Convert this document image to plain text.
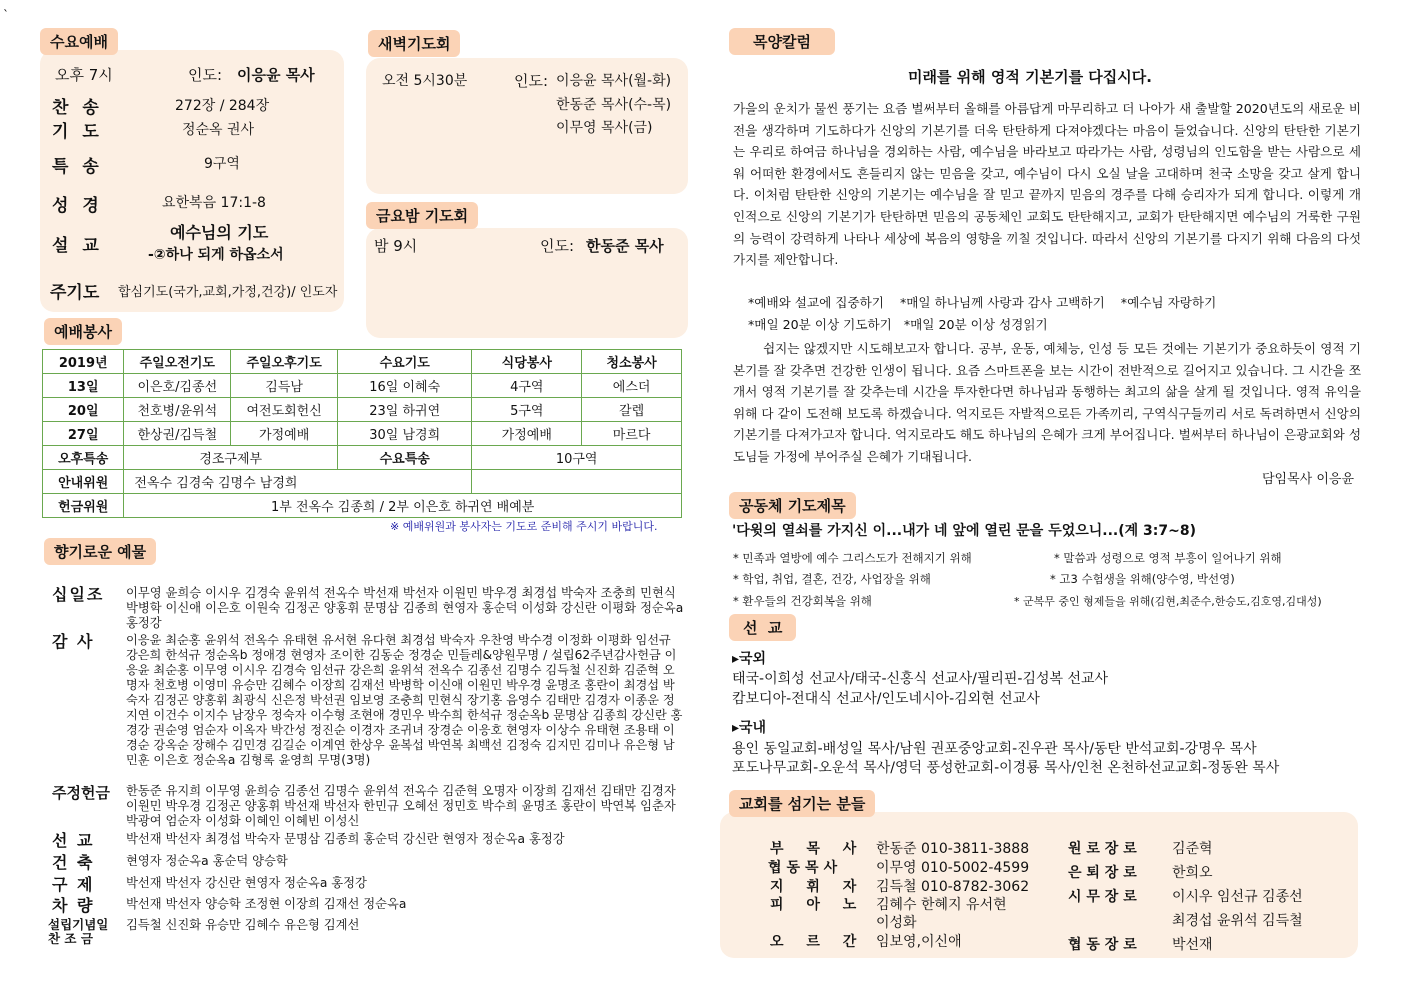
`
수요예배
오후 7시	인도: 이응윤 목사
찬 송	272장 / 284장
기 도	정순옥 권사
특 송	9구역
성 경	요한복음 17:1-8
설 교
예수님의 기도
-②하나 되게 하옵소서
주기도 합심기도(국가,교회,가정,건강)/ 인도자
새벽기도회
오전 5시30분	인도: 이응윤 목사(월-화)
한동준 목사(수-목)
이무영 목사(금)
금요밤 기도회
밤 9시	인도: 한동준 목사
예배봉사
2019년	주일오전기도	주일오후기도	수요기도	식당봉사	청소봉사
13일	이은호/김종선	김득남	16일 이혜숙	4구역	에스더
20일	천호병/윤위석	여전도회헌신	23일 하귀연	5구역	갈렙
27일	한상권/김득철	가정예배	30일 남경희	가정예배	마르다
오후특송	경조구제부		수요특송	10구역	
안내위원	전옥수 김경숙 김명수 남경희				
헌금위원	1부 전옥수 김종희 / 2부 이은호 하귀연 배예분				
※ 예배위원과 봉사자는 기도로 준비해 주시기 바랍니다.
향기로운 예물
십일조	이무영 윤희승 이시우 김경숙 윤위석 전옥수 박선재 박선자 이원민 박우경 최경섭 박숙자 조충희 민현식 박병학 이신애 이은호 이원숙 김정곤 양홍휘 문명삼 김종희 현영자 홍순덕 이성화 강신란 이평화 정순옥a 홍정강
감 사	이응윤 최순홍 윤위석 전옥수 유태현 유서현 유다현 최경섭 박숙자 우찬영 박수경 이정화 이평화 임선규 강은희 한석규 정순옥b 정애경 현영자 조이한 김동순 정경순 민들레&양원무명 / 설립62주년감사헌금 이응윤 최순홍 이무영 이시우 김경숙 임선규 강은희 윤위석 전옥수 김종선 김명수 김득철 신진화 김준혁 오명자 천호병 이영미 유승만 김혜수 이장희 김재선 박병학 이신애 이원민 박우경 윤명조 홍란이 최경섭 박숙자 김정곤 양홍휘 최광식 신은정 박선권 임보영 조충희 민현식 장기홍 음영수 김태만 김경자 이종운 정지연 이건수 이지수 남장우 정숙자 이수형 조현애 경민우 박수희 한석규 정순옥b 문명삼 김종희 강신란 홍경강 권순영 엄순자 이옥자 박간성 정진순 이경자 조귀녀 장경순 이응호 현영자 이상수 유태현 조용태 이경순 강옥순 장해수 김민경 김길순 이계연 한상우 윤복섭 박연복 최백선 김정숙 김지민 김미나 유은형 남민훈 이은호 정순옥a 김형록 윤영희 무명(3명)
주정헌금	한동준 유지희 이무영 윤희승 김종선 김명수 윤위석 전옥수 김준혁 오명자 이장희 김재선 김태만 김경자 이원민 박우경 김정곤 양홍휘 박선재 박선자 한민규 오혜선 정민호 박수희 윤명조 홍란이 박연복 임춘자 박광여 엄순자 이성화 이혜인 이혜빈 이성신
선 교	박선재 박선자 최경섭 박숙자 문명삼 김종희 홍순덕 강신란 현영자 정순옥a 홍정강
건 축	현영자 정순옥a 홍순덕 양승학
구 제	박선재 박선자 강신란 현영자 정순옥a 홍정강
차 량	박선재 박선자 양승학 조정현 이장희 김재선 정순옥a
설립기념일 찬 조 금
김득철 신진화 유승만 김혜수 유은형 김계선
목양칼럼
미래를 위해 영적 기본기를 다집시다.
가을의 운치가 물씬 풍기는 요즘 벌써부터 올해를 아름답게 마무리하고 더 나아가 새 출발할 2020년도의 새로운 비전을 생각하며 기도하다가 신앙의 기본기를 더욱 탄탄하게 다져야겠다는 마음이 들었습니다. 신앙의 탄탄한 기본기는 우리로 하여금 하나님을 경외하는 사람, 예수님을 바라보고 따라가는 사람, 성령님의 인도함을 받는 사람으로 세워 어떠한 환경에서도 흔들리지 않는 믿음을 갖고, 예수님이 다시 오실 날을 고대하며 천국 소망을 갖고 살게 합니다. 이처럼 탄탄한 신앙의 기본기는 예수님을 잘 믿고 끝까지 믿음의 경주를 다해 승리자가 되게 합니다. 이렇게 개인적으로 신앙의 기본기가 탄탄하면 믿음의 공동체인 교회도 탄탄해지고, 교회가 탄탄해지면 예수님의 거룩한 구원의 능력이 강력하게 나타나 세상에 복음의 영향을 끼칠 것입니다. 따라서 신앙의 기본기를 다지기 위해 다음의 다섯 가지를 제안합니다.
*예배와 설교에 집중하기    *매일 하나님께 사랑과 감사 고백하기    *예수님 자랑하기
*매일 20분 이상 기도하기   *매일 20분 이상 성경읽기
쉽지는 않겠지만 시도해보고자 합니다. 공부, 운동, 예체능, 인성 등 모든 것에는 기본기가 중요하듯이 영적 기본기를 잘 갖추면 건강한 인생이 됩니다. 요즘 스마트폰을 보는 시간이 전반적으로 길어지고 있습니다. 그 시간을 쪼개서 영적 기본기를 잘 갖추는데 시간을 투자한다면 하나님과 동행하는 최고의 삶을 살게 될 것입니다. 영적 유익을 위해 다 같이 도전해 보도록 하겠습니다. 억지로든 자발적으로든 가족끼리, 구역식구들끼리 서로 독려하면서 신앙의 기본기를 다져가고자 합니다. 억지로라도 해도 하나님의 은혜가 크게 부어집니다. 벌써부터 하나님이 은광교회와 성도님들 가정에 부어주실 은혜가 기대됩니다.
담임목사 이응윤
공동체 기도제목
'다윗의 열쇠를 가지신 이...내가 네 앞에 열린 문을 두었으니...(계 3:7~8)
* 민족과 열방에 예수 그리스도가 전해지기 위해
* 학업, 취업, 결혼, 건강, 사업장을 위해
* 환우들의 건강회복을 위해
* 말씀과 성령으로 영적 부흥이 일어나기 위해
* 고3 수험생을 위해(양수영, 박선영)
* 군복무 중인 형제들을 위해(김현,최준수,한승도,김호영,김대성)
선  교
▸국외
태국-이희성 선교사/태국-신홍식 선교사/필리핀-김성복 선교사
캄보디아-전대식 선교사/인도네시아-김외현 선교사
▸국내
용인 동일교회-배성일 목사/남원 권포중앙교회-진우관 목사/동탄 반석교회-강명우 목사
포도나무교회-오운석 목사/영덕 풍성한교회-이경룡 목사/인천 온천하선교교회-정동완 목사
교회를 섬기는 분들
부 목 사 한동준 010-3811-3888
협동목사 이무영 010-5002-4599
지 휘 자 김득철 010-8782-3062
피 아 노 김혜수 한혜지 유서현
이성화
오 르 간 임보영,이신애
원 로 장 로	김준혁
은 퇴 장 로	한희오
시 무 장 로	이시우 임선규 김종선
최경섭 윤위석 김득철
협 동 장 로	박선재
